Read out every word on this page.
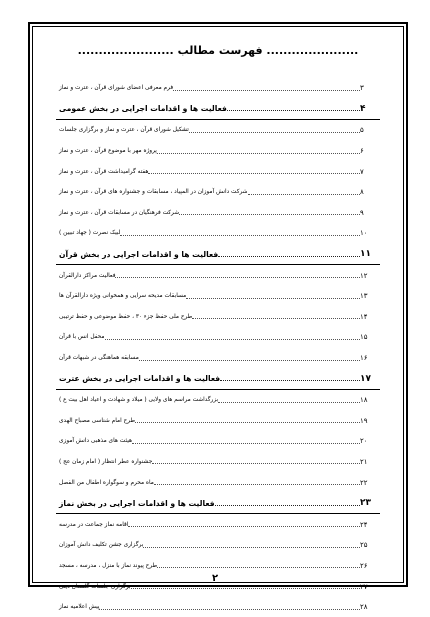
...................... فهرست مطالب .......................
فرم معرفی اعضای شورای قرآن ، عترت و نماز	۳
فعالیت ها و اقدامات اجرایی در بخش عمومی	۴
تشکیل شورای قرآن ، عترت و نماز و برگزاری جلسات	۵
پروژه مهر با موضوع قرآن ، عترت و نماز	۶
هفته گرامیداشت قرآن ، عترت و نماز	۷
شرکت دانش آموزان در المپیاد ، مسابقات و جشنواره های قرآن ، عترت و نماز	۸
شرکت فرهنگیان در مسابقات قرآن ، عترت و نماز	۹
لبیک نصرت ( جهاد تبیین )	۱۰
فعالیت ها و اقدامات اجرایی در بخش قرآن	۱۱
فعالیت مراکز دارالقرآن	۱۲
مسابقات مدیحه سرایی و همخوانی ویژه دارالقرآن ها	۱۳
طرح ملی حفظ جزء ۳۰ ، حفظ موضوعی و حفظ ترتیبی	۱۴
محفل انس با قرآن	۱۵
مسابقه هماهنگی در شبهات قرآن	۱۶
فعالیت ها و اقدامات اجرایی در بخش عترت	۱۷
بزرگداشت مراسم های ولایی ( میلاد و شهادت و اعیاد اهل بیت ع )	۱۸
طرح امام شناسی مصباح الهدی	۱۹
هیئت های مذهبی دانش آموزی	۲۰
جشنواره عطر انتظار ( امام زمان عج )	۲۱
ماه محرم و سوگواره اطفال من الفصل	۲۲
فعالیت ها و اقدامات اجرایی در بخش نماز	۲۳
اقامه نماز جماعت در مدرسه	۲۴
برگزاری جشن تکلیف دانش آموزان	۲۵
طرح پیوند نماز با منزل ، مدرسه ، مسجد	۲۶
برگزاری جلسات گلستان دینی	۲۷
پیش اعلامیه نماز	۲۸
۲
